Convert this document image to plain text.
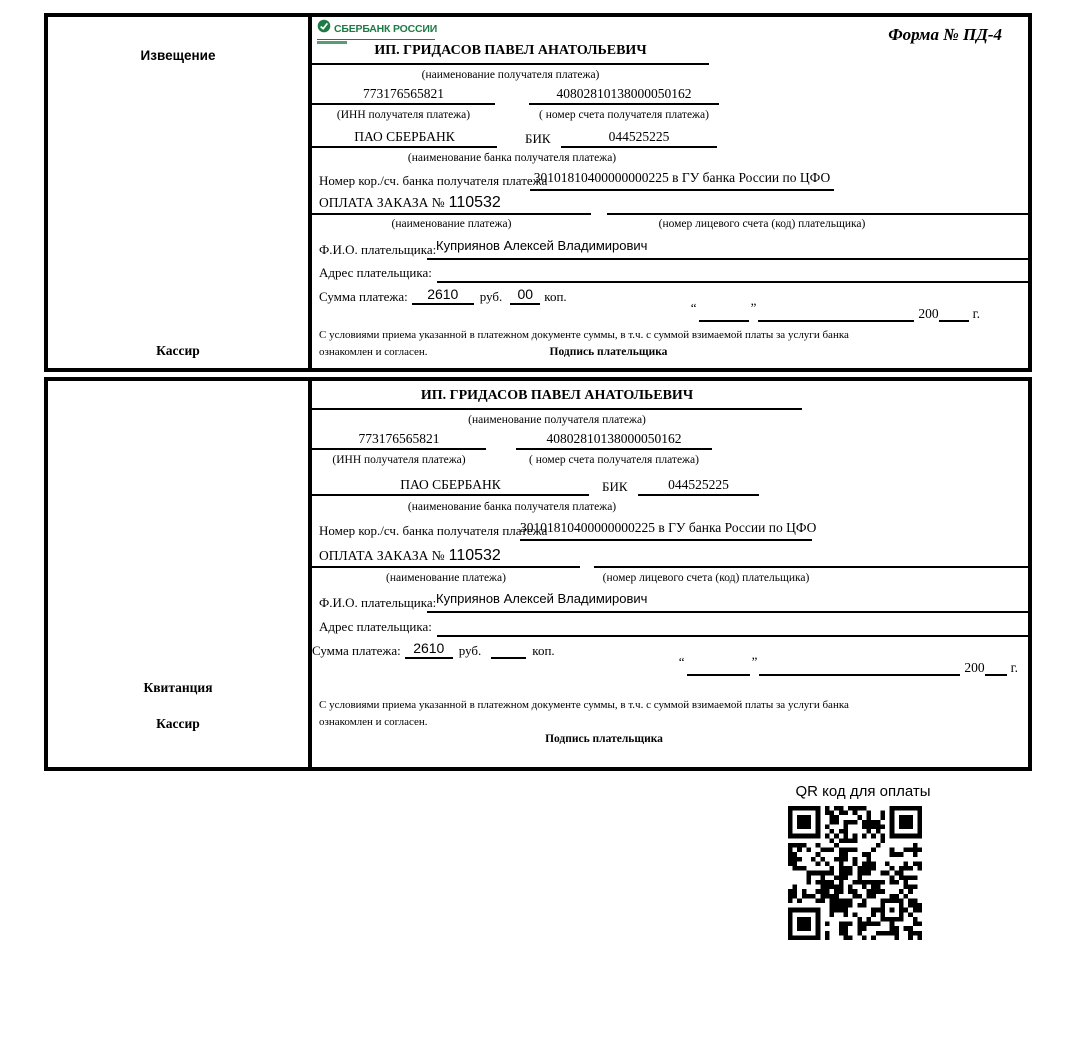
Извещение
Кассир
СБЕРБАНК РОССИИ	Форма № ПД-4
ИП. ГРИДАСОВ ПАВЕЛ АНАТОЛЬЕВИЧ
(наименование получателя платежа)
773176565821	40802810138000050162
(ИНН получателя платежа)	( номер счета получателя платежа)
ПАО СБЕРБАНК	БИК	044525225
(наименование банка получателя платежа)
Номер кор./сч. банка получателя платежа
30101810400000000225 в ГУ банка России по ЦФО
ОПЛАТА ЗАКАЗА № 110532
(наименование платежа)	(номер лицевого счета (код) плательщика)
Ф.И.О. плательщика: Куприянов Алексей Владимирович
Адрес плательщика:
Сумма платежа:	2610	руб.	00 коп.
“	”	200	г.
С условиями приема указанной в платежном документе суммы, в т.ч. с суммой взимаемой платы за услуги банка
ознакомлен и согласен.	Подпись плательщика
Квитанция
Кассир
ИП. ГРИДАСОВ ПАВЕЛ АНАТОЛЬЕВИЧ
(наименование получателя платежа)
773176565821	40802810138000050162
(ИНН получателя платежа)	( номер счета получателя платежа)
ПАО СБЕРБАНК	БИК	044525225
(наименование банка получателя платежа)
Номер кор./сч. банка получателя платежа
30101810400000000225 в ГУ банка России по ЦФО
ОПЛАТА ЗАКАЗА № 110532
(наименование платежа)	(номер лицевого счета (код) плательщика)
Ф.И.О. плательщика: Куприянов Алексей Владимирович
Адрес плательщика:
Сумма платежа: 2610	руб.	коп.
“	”	200 г.
С условиями приема указанной в платежном документе суммы, в т.ч. с суммой взимаемой платы за услуги банка
ознакомлен и согласен.
Подпись плательщика
QR код для оплаты
